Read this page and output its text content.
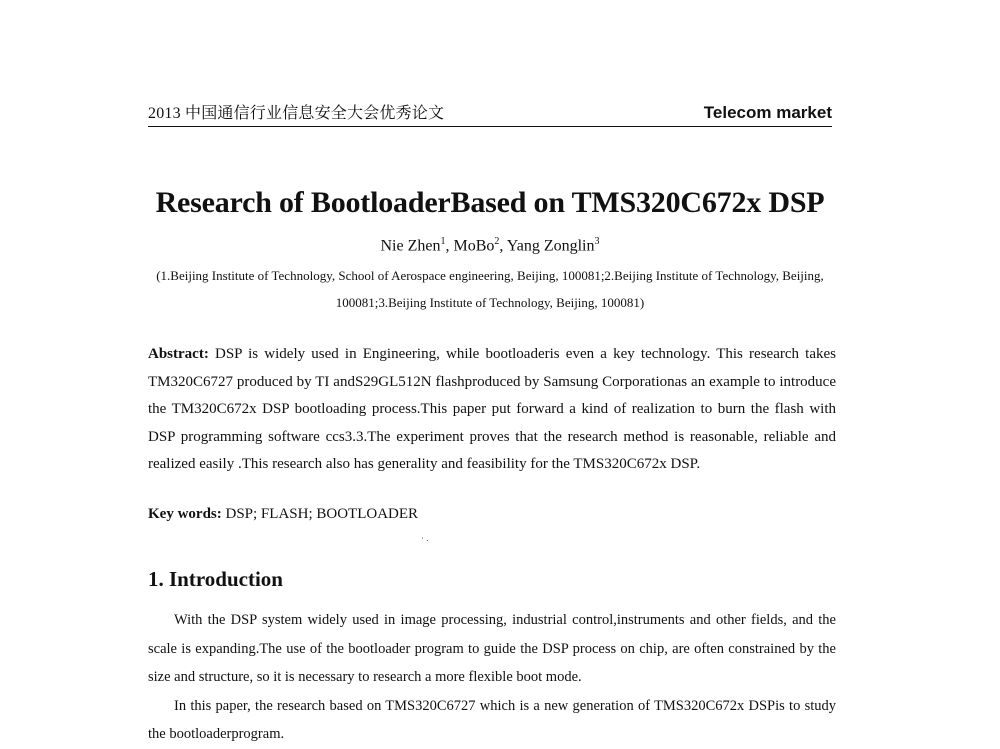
2013 中国通信行业信息安全大会优秀论文	Telecom market
Research of BootloaderBased on TMS320C672x DSP
Nie Zhen$^1$, MoBo$^2$, Yang Zonglin$^3$
(1.Beijing Institute of Technology, School of Aerospace engineering, Beijing, 100081;2.Beijing Institute of Technology, Beijing, 100081;3.Beijing Institute of Technology, Beijing, 100081)
Abstract: DSP is widely used in Engineering, while bootloaderis even a key technology. This research takes TM320C6727 produced by TI andS29GL512N flashproduced by Samsung Corporationas an example to introduce the TM320C672x DSP bootloading process.This paper put forward a kind of realization to burn the flash with DSP programming software ccs3.3.The experiment proves that the research method is reasonable, reliable and realized easily .This research also has generality and feasibility for the TMS320C672x DSP.
Key words: DSP; FLASH; BOOTLOADER
· .
1. Introduction

With the DSP system widely used in image processing, industrial control,instruments and other fields, and the scale is expanding.The use of the bootloader program to guide the DSP process on chip, are often constrained by the size and structure, so it is necessary to research a more flexible boot mode.

In this paper, the research based on TMS320C6727 which is a new generation of TMS320C672x DSPis to study the bootloaderprogram.
